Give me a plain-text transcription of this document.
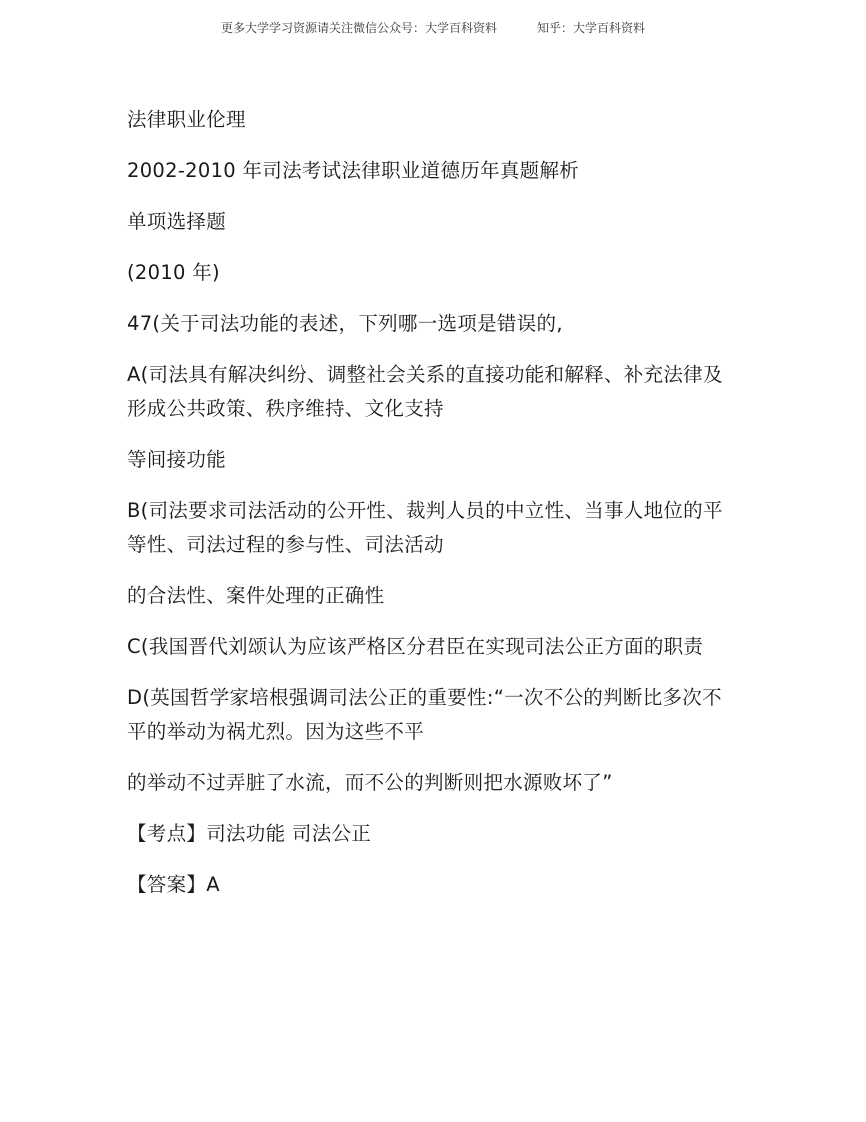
更多大学学习资源请关注微信公众号：大学百科资料	知乎：大学百科资料

法律职业伦理

2002-2010 年司法考试法律职业道德历年真题解析

单项选择题

(2010 年)

47(关于司法功能的表述，下列哪一选项是错误的,

A(司法具有解决纠纷、调整社会关系的直接功能和解释、补充法律及形成公共政策、秩序维持、文化支持

等间接功能

B(司法要求司法活动的公开性、裁判人员的中立性、当事人地位的平等性、司法过程的参与性、司法活动

的合法性、案件处理的正确性

C(我国晋代刘颂认为应该严格区分君臣在实现司法公正方面的职责

D(英国哲学家培根强调司法公正的重要性:“一次不公的判断比多次不平的举动为祸尤烈。因为这些不平

的举动不过弄脏了水流，而不公的判断则把水源败坏了”

【考点】司法功能 司法公正

【答案】A
